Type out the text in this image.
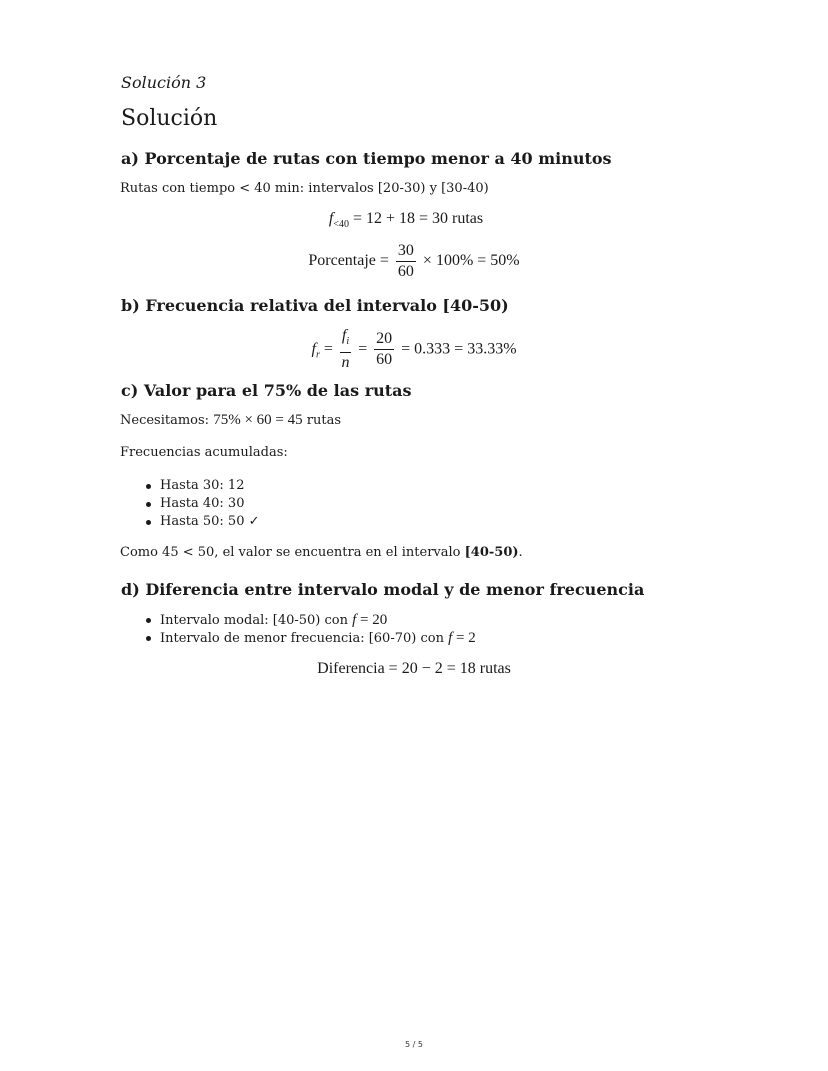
Solución 3
Solución
a) Porcentaje de rutas con tiempo menor a 40 minutos
Rutas con tiempo < 40 min: intervalos [20-30) y [30-40)
$f_{<40} = 12 + 18 = 30$ rutas
Porcentaje = $\frac{30}{60} \times 100\% = 50\%$
b) Frecuencia relativa del intervalo [40-50)
$f_r = \frac{f_i}{n} = \frac{20}{60} = 0.333 = 33.33\%$
c) Valor para el 75% de las rutas
Necesitamos: 75% × 60 = 45 rutas
Frecuencias acumuladas:
Hasta 30: 12
Hasta 40: 30
Hasta 50: 50 ✓
Como 45 < 50, el valor se encuentra en el intervalo [40-50).
d) Diferencia entre intervalo modal y de menor frecuencia
Intervalo modal: [40-50) con f = 20
Intervalo de menor frecuencia: [60-70) con f = 2
Diferencia = 20 − 2 = 18 rutas
5 / 5
